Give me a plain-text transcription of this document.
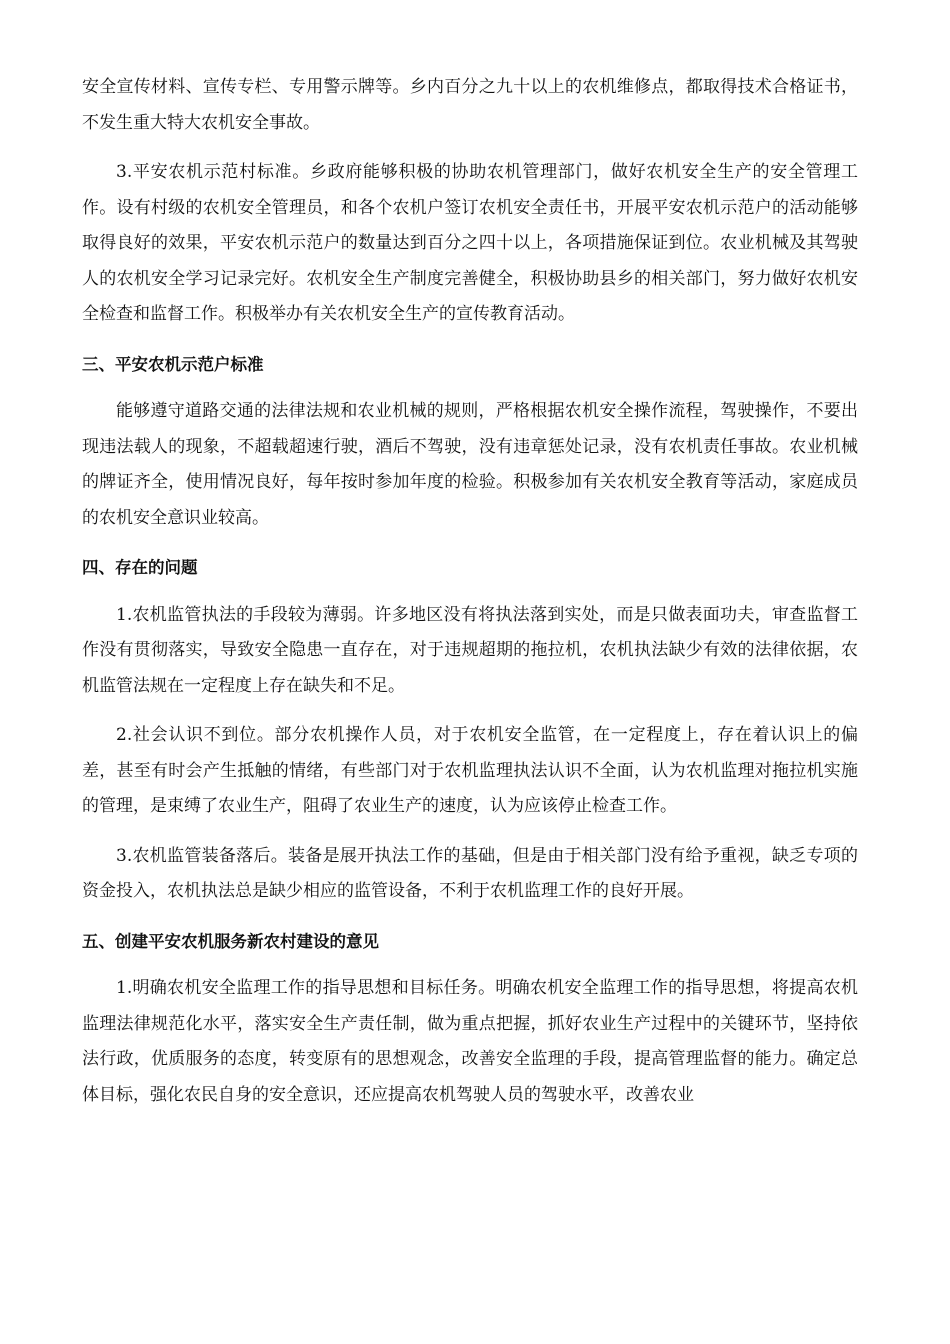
安全宣传材料、宣传专栏、专用警示牌等。乡内百分之九十以上的农机维修点，都取得技术合格证书，不发生重大特大农机安全事故。

3.平安农机示范村标准。乡政府能够积极的协助农机管理部门，做好农机安全生产的安全管理工作。设有村级的农机安全管理员，和各个农机户签订农机安全责任书，开展平安农机示范户的活动能够取得良好的效果，平安农机示范户的数量达到百分之四十以上，各项措施保证到位。农业机械及其驾驶人的农机安全学习记录完好。农机安全生产制度完善健全，积极协助县乡的相关部门，努力做好农机安全检查和监督工作。积极举办有关农机安全生产的宣传教育活动。

三、平安农机示范户标准

能够遵守道路交通的法律法规和农业机械的规则，严格根据农机安全操作流程，驾驶操作，不要出现违法载人的现象，不超载超速行驶，酒后不驾驶，没有违章惩处记录，没有农机责任事故。农业机械的牌证齐全，使用情况良好，每年按时参加年度的检验。积极参加有关农机安全教育等活动，家庭成员的农机安全意识业较高。

四、存在的问题

1.农机监管执法的手段较为薄弱。许多地区没有将执法落到实处，而是只做表面功夫，审查监督工作没有贯彻落实，导致安全隐患一直存在，对于违规超期的拖拉机，农机执法缺少有效的法律依据，农机监管法规在一定程度上存在缺失和不足。

2.社会认识不到位。部分农机操作人员，对于农机安全监管，在一定程度上，存在着认识上的偏差，甚至有时会产生抵触的情绪，有些部门对于农机监理执法认识不全面，认为农机监理对拖拉机实施的管理，是束缚了农业生产，阻碍了农业生产的速度，认为应该停止检查工作。

3.农机监管装备落后。装备是展开执法工作的基础，但是由于相关部门没有给予重视，缺乏专项的资金投入，农机执法总是缺少相应的监管设备，不利于农机监理工作的良好开展。

五、创建平安农机服务新农村建设的意见

1.明确农机安全监理工作的指导思想和目标任务。明确农机安全监理工作的指导思想，将提高农机监理法律规范化水平，落实安全生产责任制，做为重点把握，抓好农业生产过程中的关键环节，坚持依法行政，优质服务的态度，转变原有的思想观念，改善安全监理的手段，提高管理监督的能力。确定总体目标，强化农民自身的安全意识，还应提高农机驾驶人员的驾驶水平，改善农业
